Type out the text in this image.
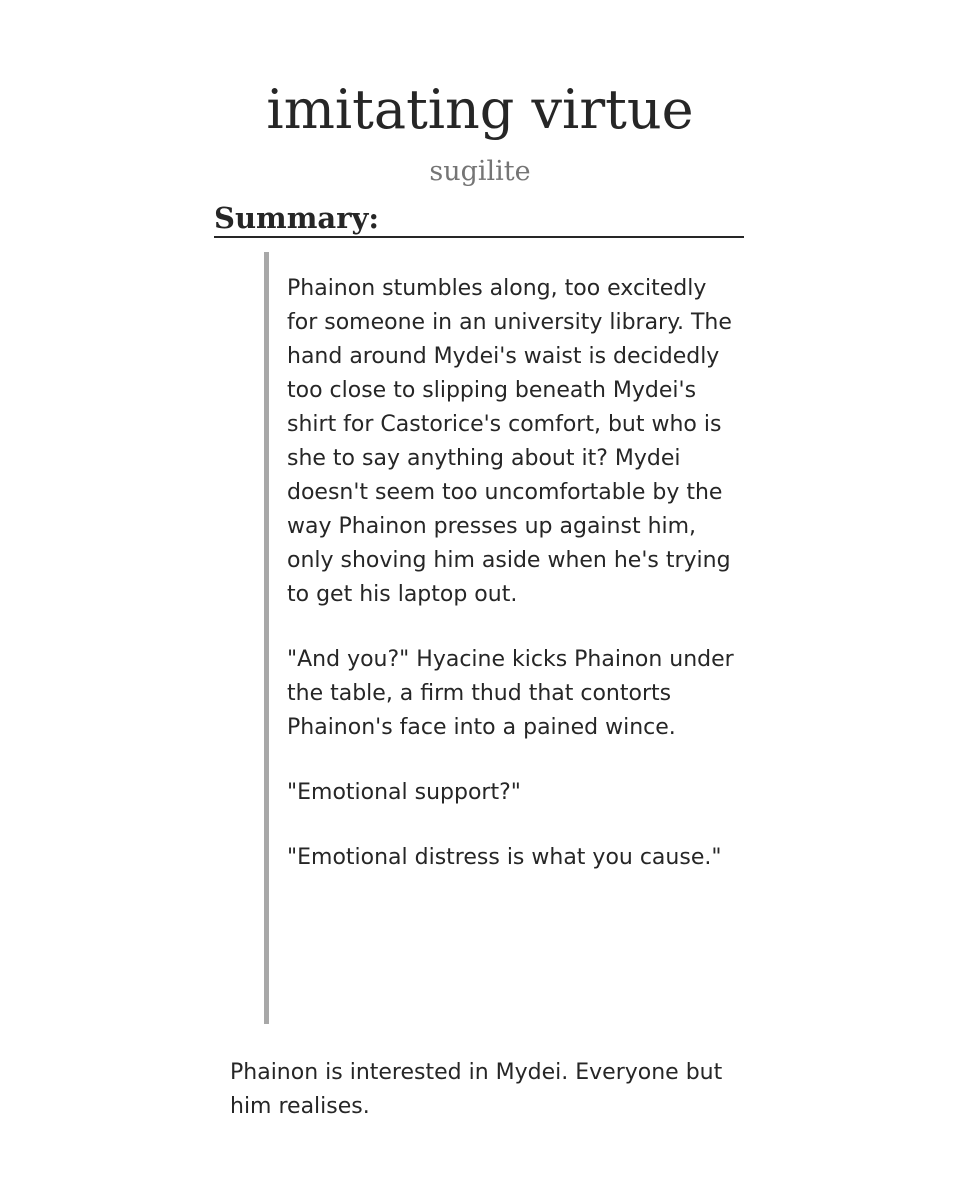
imitating virtue
sugilite
Summary:

Phainon stumbles along, too excitedly for someone in an university library. The hand around Mydei's waist is decidedly too close to slipping beneath Mydei's shirt for Castorice's comfort, but who is she to say anything about it? Mydei doesn't seem too uncomfortable by the way Phainon presses up against him, only shoving him aside when he's trying to get his laptop out.

"And you?" Hyacine kicks Phainon under the table, a firm thud that contorts Phainon's face into a pained wince.

"Emotional support?"

"Emotional distress is what you cause."

Phainon is interested in Mydei. Everyone but him realises.
